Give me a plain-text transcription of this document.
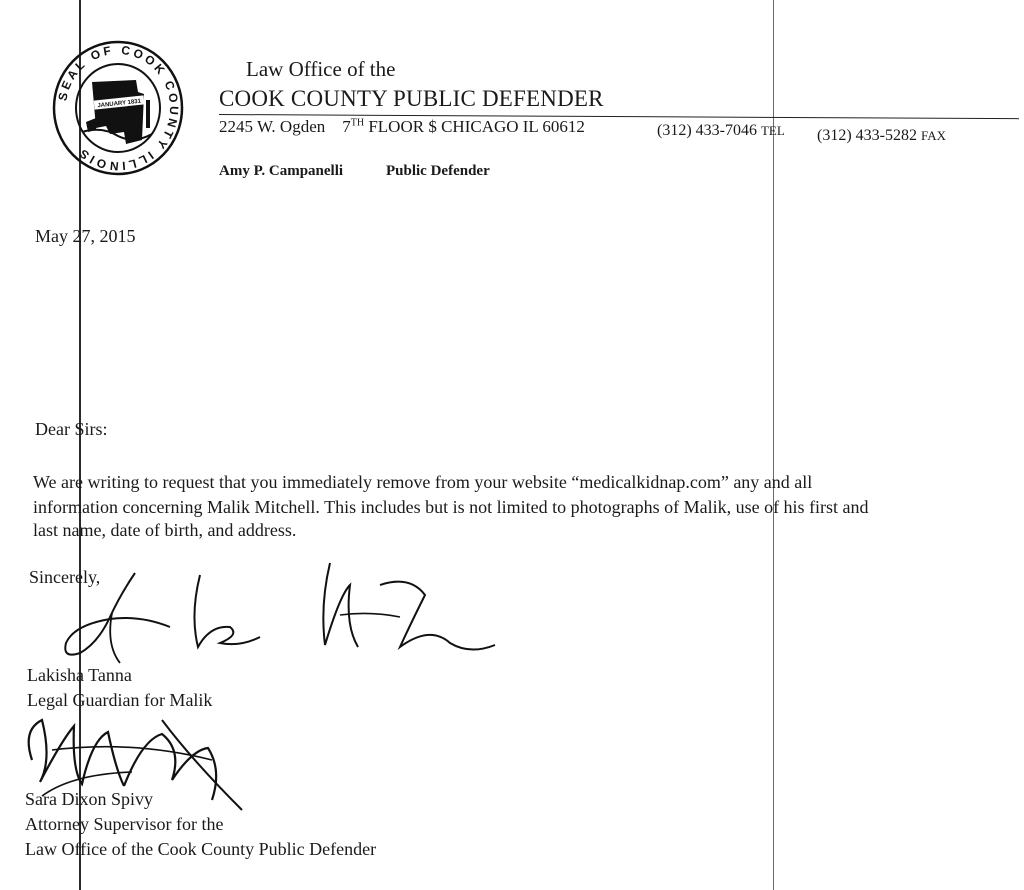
SEAL OF COOK COUNTY ILLINOIS
JANUARY 1831
Law Office of the
COOK COUNTY PUBLIC DEFENDER
2245 W. Ogden 7TH FLOOR $ CHICAGO IL 60612	(312) 433-7046 TEL (312) 433-5282 FAX
Amy P. Campanelli	Public Defender
May 27, 2015
Dear Sirs:
We are writing to request that you immediately remove from your website “medicalkidnap.com” any and all
information concerning Malik Mitchell. This includes but is not limited to photographs of Malik, use of his first and
last name, date of birth, and address.
Sincerely,
Lakisha Tanna
Legal Guardian for Malik
Sara Dixon Spivy
Attorney Supervisor for the
Law Office of the Cook County Public Defender
